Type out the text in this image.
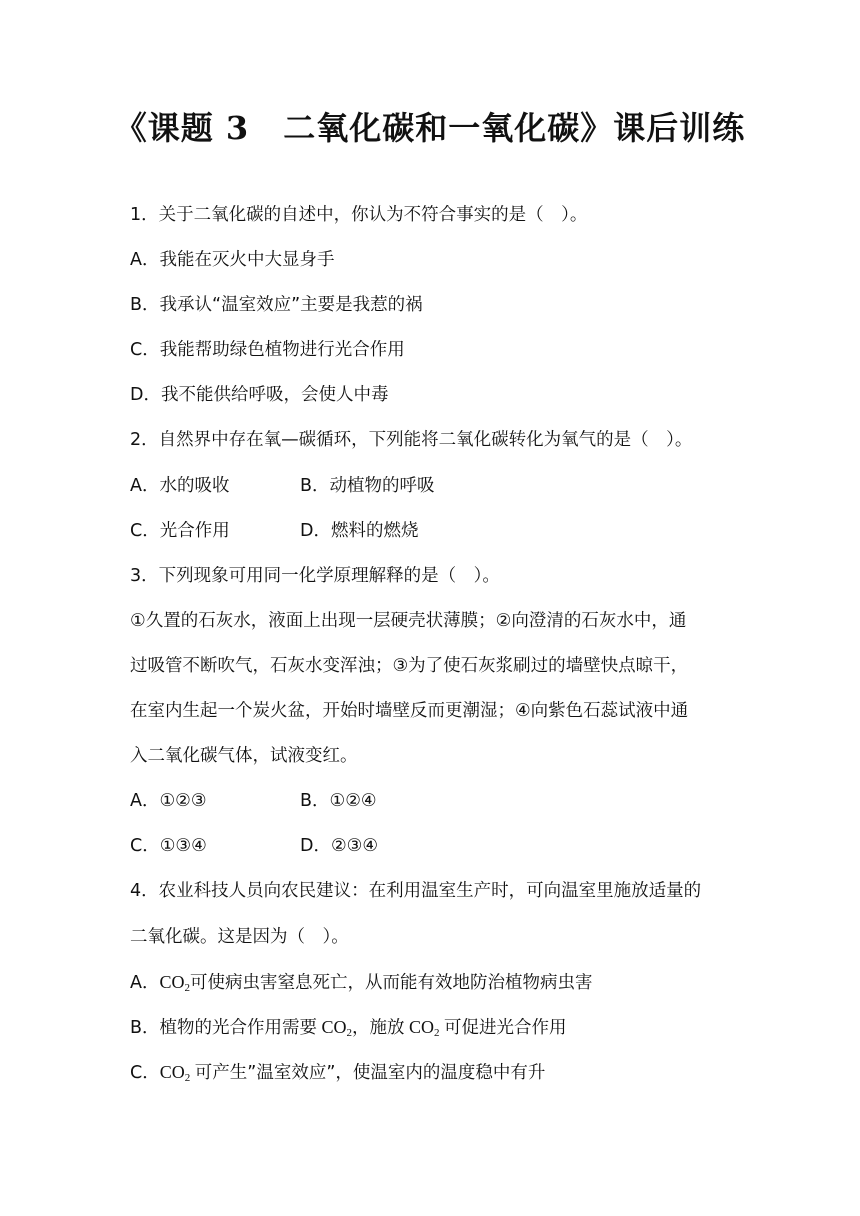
《课题 3 二氧化碳和一氧化碳》课后训练
1．关于二氧化碳的自述中，你认为不符合事实的是（　）。
A．我能在灭火中大显身手
B．我承认“温室效应”主要是我惹的祸
C．我能帮助绿色植物进行光合作用
D．我不能供给呼吸，会使人中毒
2．自然界中存在氧—碳循环，下列能将二氧化碳转化为氧气的是（　）。
A．水的吸收	B．动植物的呼吸
C．光合作用	D．燃料的燃烧
3．下列现象可用同一化学原理解释的是（　）。
①久置的石灰水，液面上出现一层硬壳状薄膜；②向澄清的石灰水中，通
过吸管不断吹气，石灰水变浑浊；③为了使石灰浆刷过的墙壁快点晾干，
在室内生起一个炭火盆，开始时墙壁反而更潮湿；④向紫色石蕊试液中通
入二氧化碳气体，试液变红。
A．①②③	B．①②④
C．①③④	D．②③④
4．农业科技人员向农民建议：在利用温室生产时，可向温室里施放适量的
二氧化碳。这是因为（　）。
A．$CO_2$可使病虫害窒息死亡，从而能有效地防治植物病虫害
B．植物的光合作用需要 $CO_2$，施放 $CO_2$ 可促进光合作用
C．$CO_2$ 可产生”温室效应”，使温室内的温度稳中有升
